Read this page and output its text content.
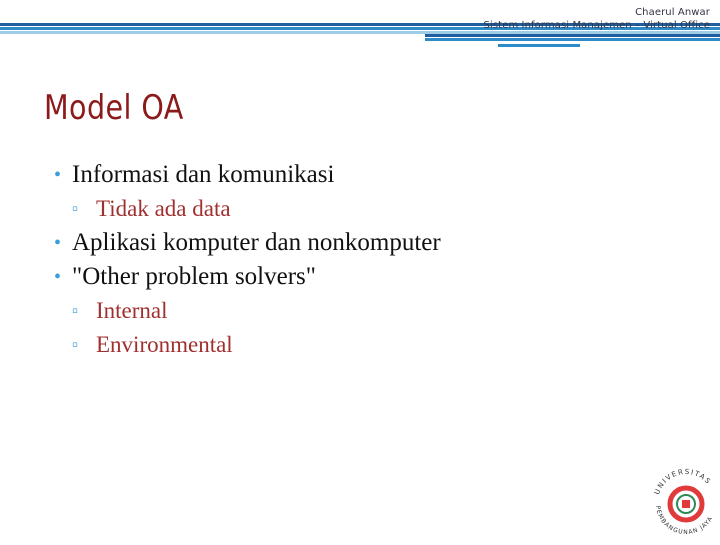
Chaerul Anwar
Sistem Informasi Manajemen – Virtual Office
Model OA
• Informasi dan komunikasi
▫ Tidak ada data
• Aplikasi komputer dan nonkomputer
• "Other problem solvers"
▫ Internal
▫ Environmental
UNIVERSITAS
PEMBANGUNAN JAYA
